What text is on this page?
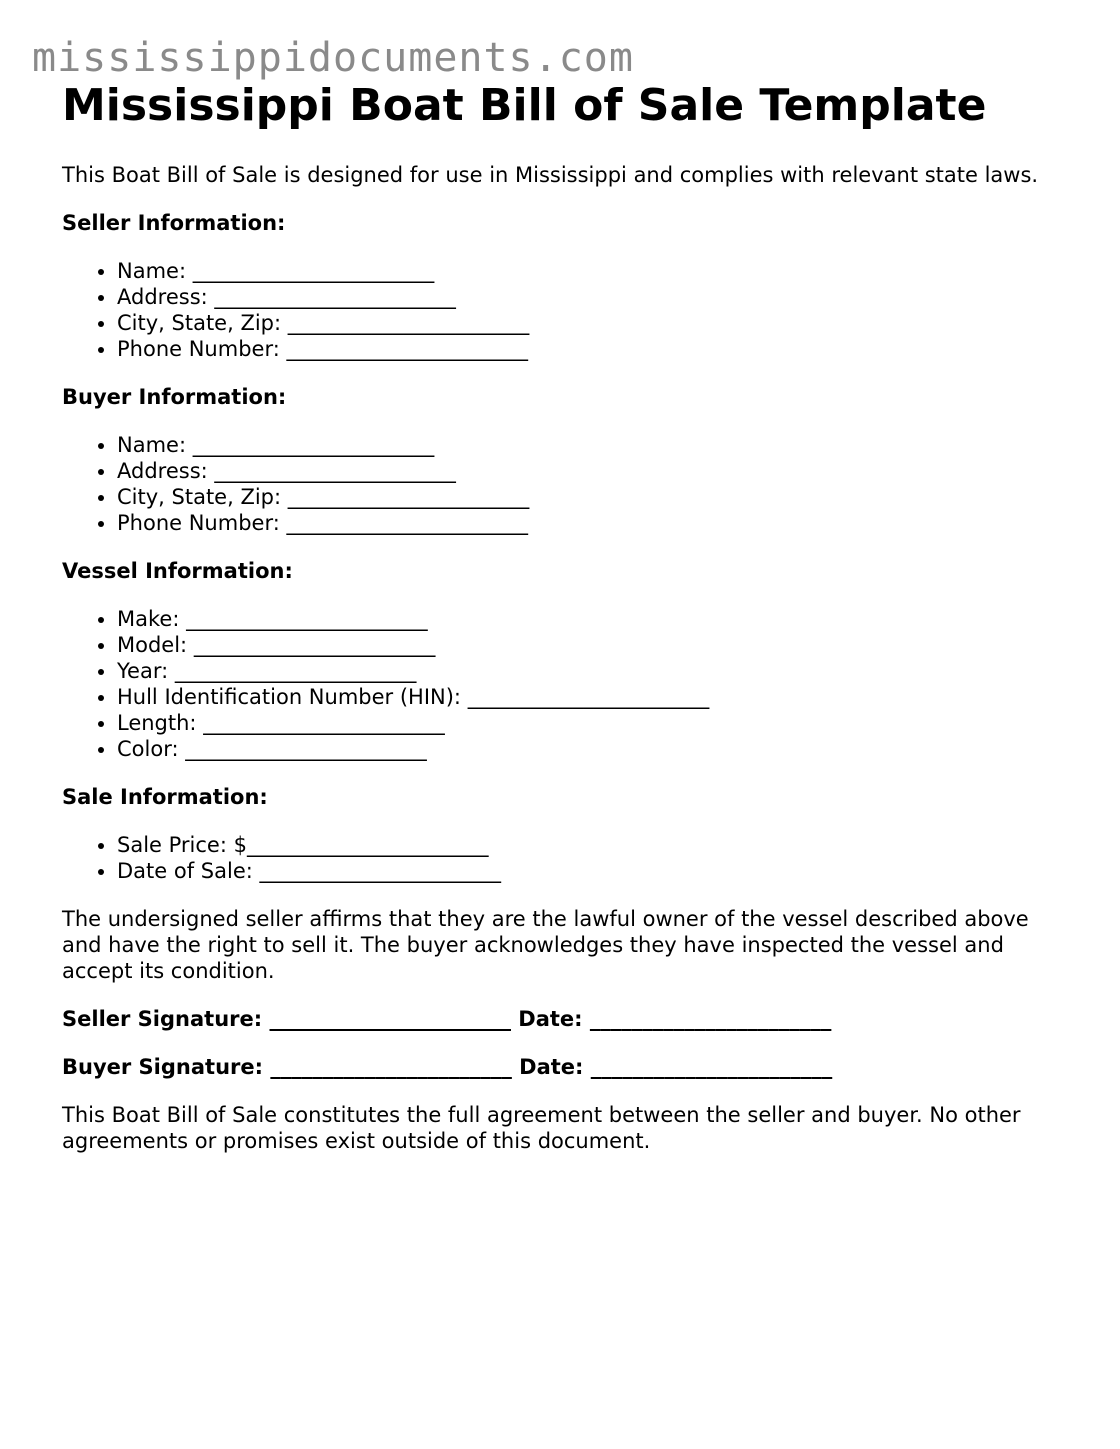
mississippidocuments.com
Mississippi Boat Bill of Sale Template

This Boat Bill of Sale is designed for use in Mississippi and complies with relevant state laws.

Seller Information:
• Name: _______________________
• Address: _______________________
• City, State, Zip: _______________________
• Phone Number: _______________________
Buyer Information:
• Name: _______________________
• Address: _______________________
• City, State, Zip: _______________________
• Phone Number: _______________________
Vessel Information:
• Make: _______________________
• Model: _______________________
• Year: _______________________
• Hull Identification Number (HIN): _______________________
• Length: _______________________
• Color: _______________________
Sale Information:
• Sale Price: $_______________________
• Date of Sale: _______________________

The undersigned seller affirms that they are the lawful owner of the vessel described above and have the right to sell it. The buyer acknowledges they have inspected the vessel and accept its condition.

Seller Signature: _______________________ Date: _______________________

Buyer Signature: _______________________ Date: _______________________

This Boat Bill of Sale constitutes the full agreement between the seller and buyer. No other agreements or promises exist outside of this document.
